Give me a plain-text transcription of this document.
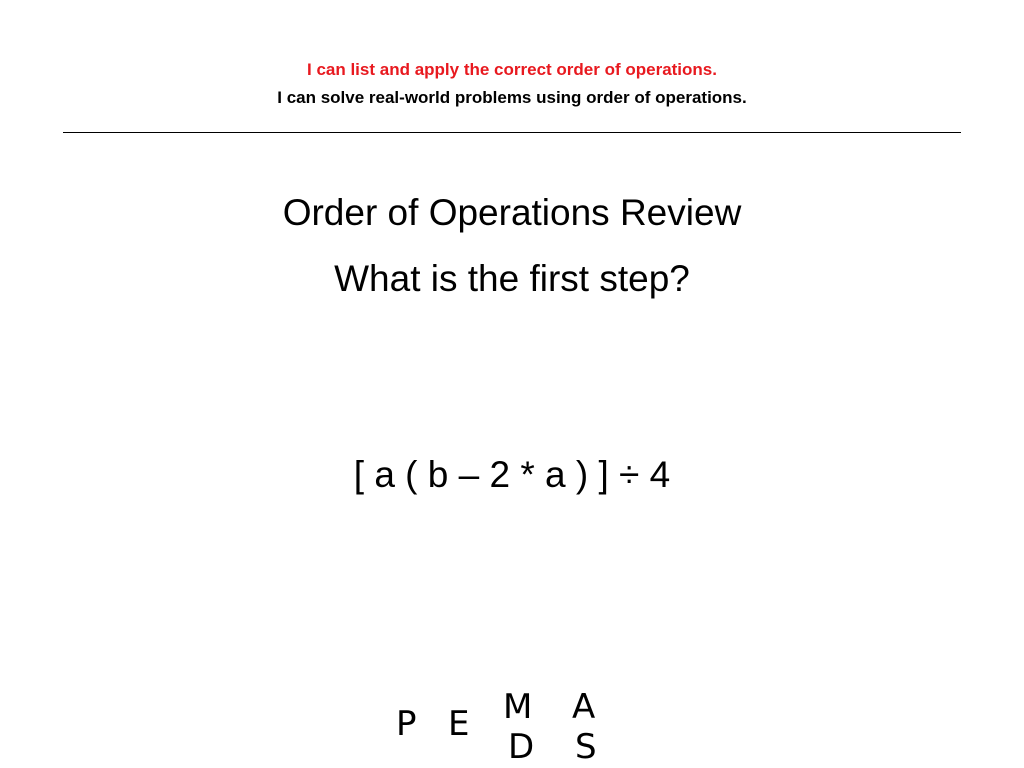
I can list and apply the correct order of operations.
I can solve real-world problems using order of operations.
Order of Operations Review
What is the first step?
[ a ( b – 2 * a ) ] ÷ 4
P E M
D
A
S
